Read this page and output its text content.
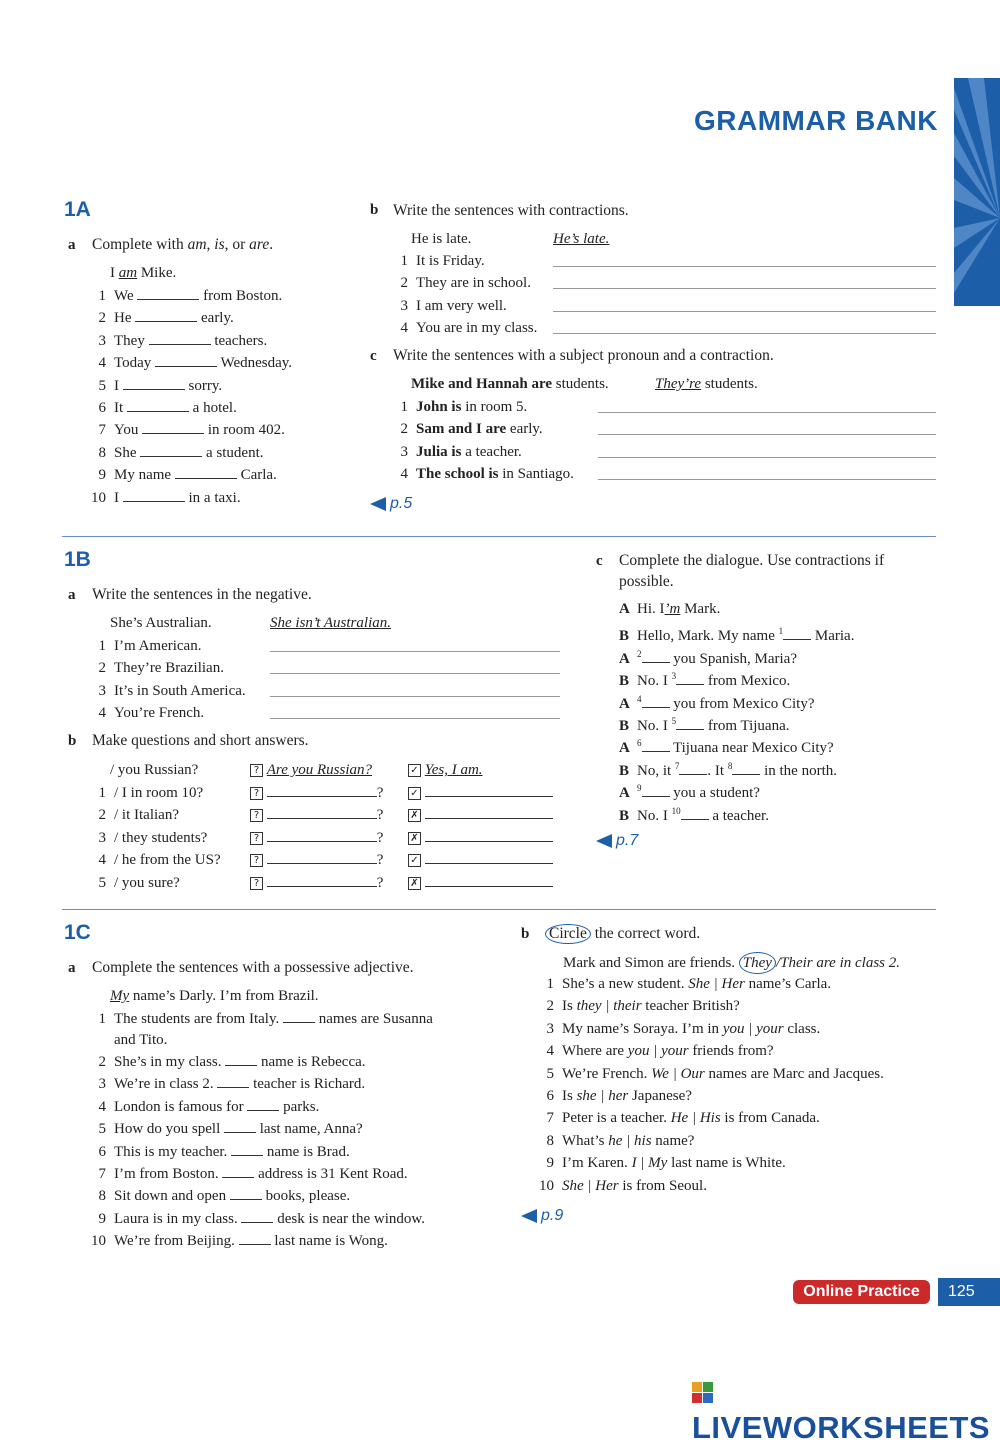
GRAMMAR BANK
1A
a Complete with am, is, or are.
I am Mike.
1 We	from Boston.
2 He	early.
3 They	teachers.
4 Today	Wednesday.
5 I	sorry.
6 It	a hotel.
7 You	in room 402.
8 She	a student.
9 My name	Carla.
10 I	in a taxi.
b Write the sentences with contractions.
He is late.	He’s late.
1 It is Friday.
2 They are in school.
3 I am very well.
4 You are in my class.
c Write the sentences with a subject pronoun and a contraction.
Mike and Hannah are students.	They’re students.
1 John is in room 5.
2 Sam and I are early.
3 Julia is a teacher.
4 The school is in Santiago.
p.5
1B
a Write the sentences in the negative.
She’s Australian.	She isn’t Australian.
1 I’m American.
2 They’re Brazilian.
3 It’s in South America.
4 You’re French.
b Make questions and short answers.
/ you Russian?	? Are you Russian?	✓ Yes, I am.
1 / I in room 10?	?	?	✓
2 / it Italian?	?	?	✗
3 / they students?	?	?	✗
4 / he from the US?	?	?	✓
5 / you sure?	?	?	✗
c Complete the dialogue. Use contractions if
possible.
A Hi. I’m Mark.
B Hello, Mark. My name $^1$ Maria.
A $^2$ you Spanish, Maria?
B No. I $^3$ from Mexico.
A $^4$ you from Mexico City?
B No. I $^5$ from Tijuana.
A $^6$ Tijuana near Mexico City?
B No, it $^7$ . It $^8$ in the north.
A $^9$ you a student?
B No. I $^{10}$ a teacher.
p.7
1C
a Complete the sentences with a possessive adjective.
My name’s Darly. I’m from Brazil.
1 The students are from Italy.  names are Susanna
and Tito.
2 She’s in my class.  name is Rebecca.
3 We’re in class 2.  teacher is Richard.
4 London is famous for  parks.
5 How do you spell  last name, Anna?
6 This is my teacher.  name is Brad.
7 I’m from Boston.  address is 31 Kent Road.
8 Sit down and open  books, please.
9 Laura is in my class.  desk is near the window.
10 We’re from Beijing.  last name is Wong.
b Circle the correct word.
Mark and Simon are friends. They /Their are in class 2.
1 She’s a new student. She | Her name’s Carla.
2 Is they | their teacher British?
3 My name’s Soraya. I’m in you | your class.
4 Where are you | your friends from?
5 We’re French. We | Our names are Marc and Jacques.
6 Is she | her Japanese?
7 Peter is a teacher. He | His is from Canada.
8 What’s he | his name?
9 I’m Karen. I | My last name is White.
10 She | Her is from Seoul.
p.9
Online Practice	125
LIVEWORKSHEETS
